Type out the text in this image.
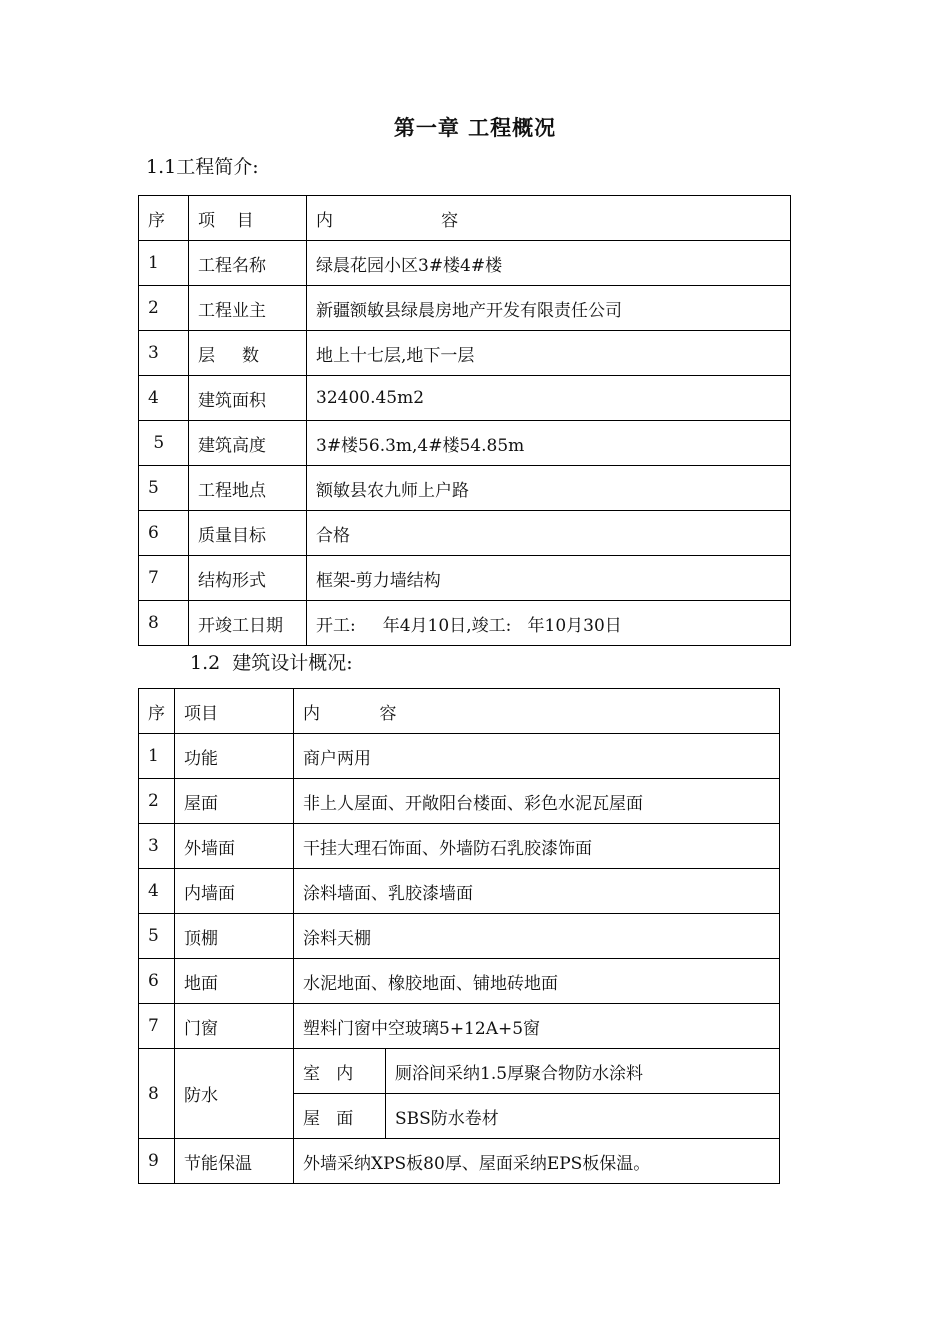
第一章 工程概况
1.1工程简介:
序	项    目	内                    容
1	工程名称	绿晨花园小区3#楼4#楼
2	工程业主	新疆额敏县绿晨房地产开发有限责任公司
3	层     数	地上十七层,地下一层
4	建筑面积	32400.45m2
5	建筑高度	3#楼56.3m,4#楼54.85m
5	工程地点	额敏县农九师上户路
6	质量目标	合格
7	结构形式	框架-剪力墙结构
8	开竣工日期	开工:     年4月10日,竣工:   年10月30日
1.2  建筑设计概况:
序	项目	内           容	
1	功能	商户两用	
2	屋面	非上人屋面、开敞阳台楼面、彩色水泥瓦屋面	
3	外墙面	干挂大理石饰面、外墙防石乳胶漆饰面	
4	内墙面	涂料墙面、乳胶漆墙面	
5	顶棚	涂料天棚	
6	地面	水泥地面、橡胶地面、铺地砖地面	
7	门窗	塑料门窗中空玻璃5+12A+5窗	
8	防水	室   内	厕浴间采纳1.5厚聚合物防水涂料
		屋   面	SBS防水卷材
9	节能保温	外墙采纳XPS板80厚、屋面采纳EPS板保温。	
